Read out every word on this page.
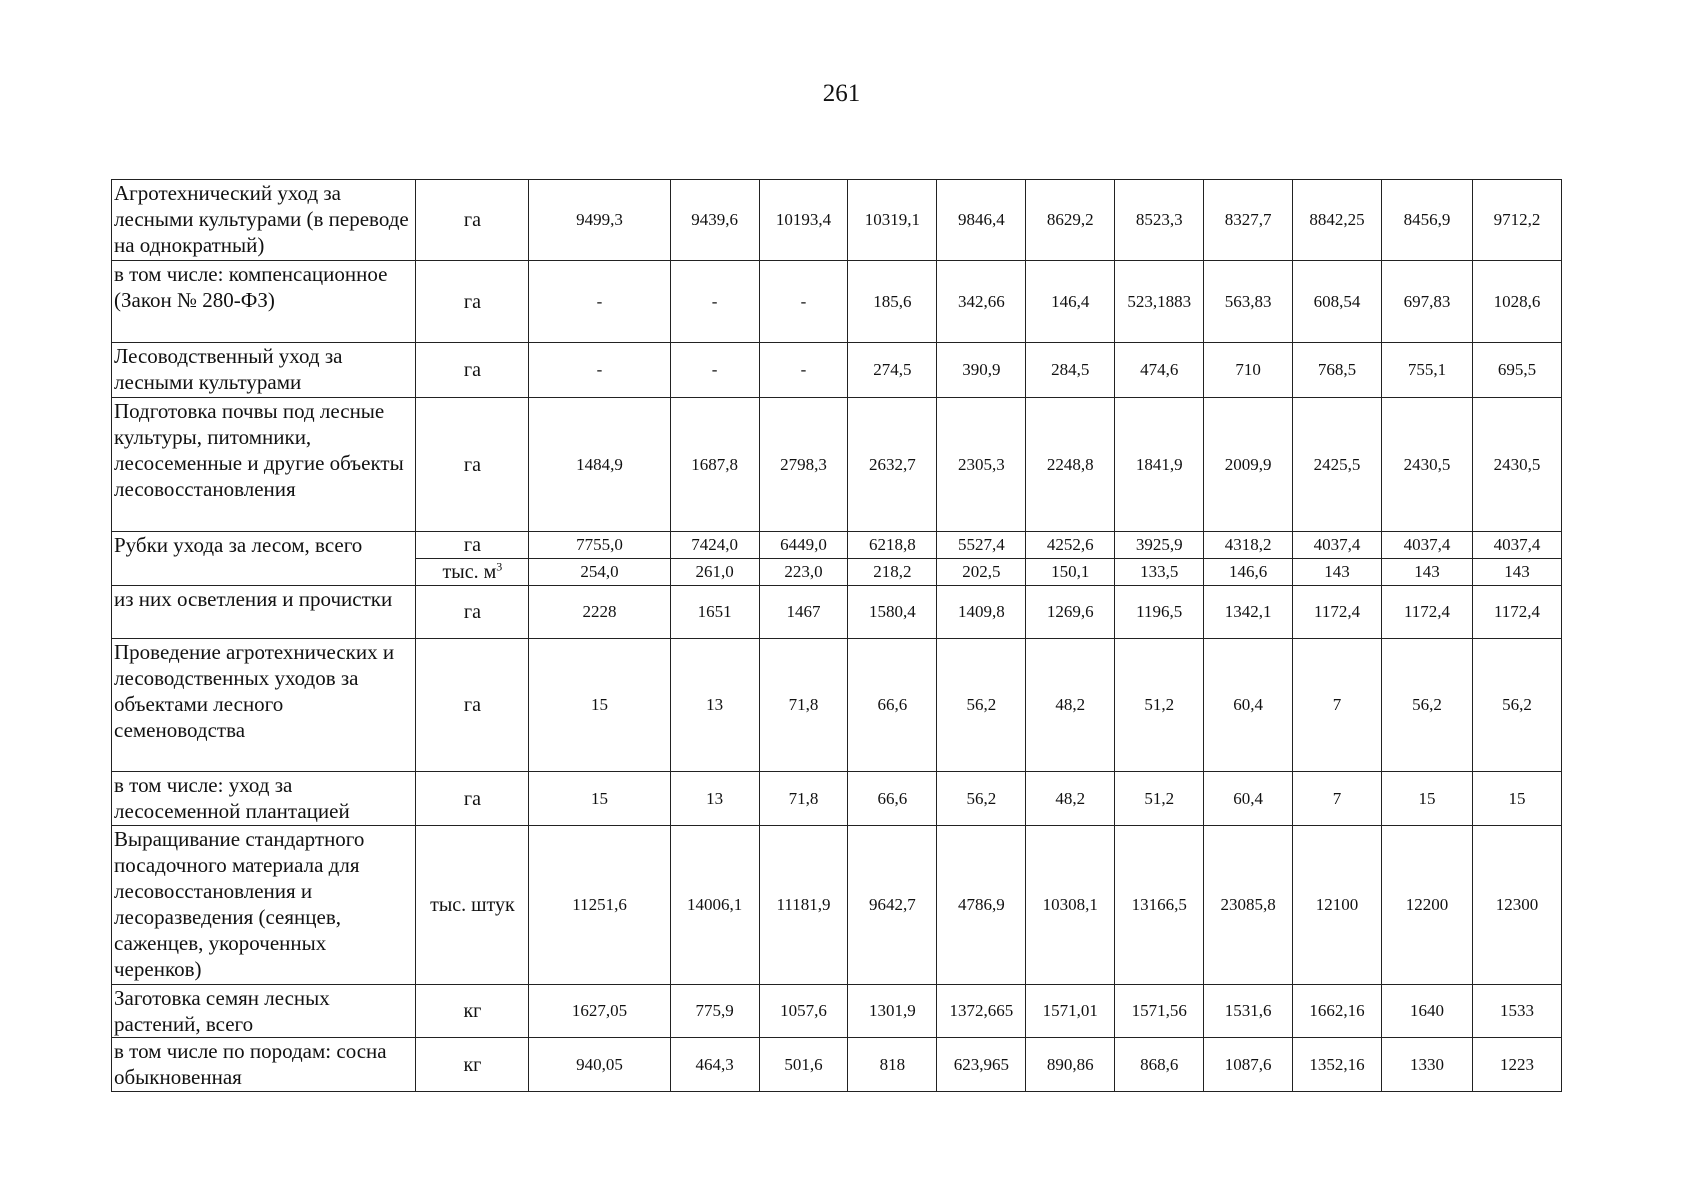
261
Агротехнический уход за лесными культурами (в переводе на однократный)	га	9499,3	9439,6	10193,4	10319,1	9846,4	8629,2	8523,3	8327,7	8842,25	8456,9	9712,2
в том числе: компенсационное (Закон № 280-ФЗ)	га	-	-	-	185,6	342,66	146,4	523,1883	563,83	608,54	697,83	1028,6
Лесоводственный уход за лесными культурами	га	-	-	-	274,5	390,9	284,5	474,6	710	768,5	755,1	695,5
Подготовка почвы под лесные культуры, питомники, лесосеменные и другие объекты лесовосстановления	га	1484,9	1687,8	2798,3	2632,7	2305,3	2248,8	1841,9	2009,9	2425,5	2430,5	2430,5
Рубки ухода за лесом, всего	га	7755,0	7424,0	6449,0	6218,8	5527,4	4252,6	3925,9	4318,2	4037,4	4037,4	4037,4
	тыс. $м^3$	254,0	261,0	223,0	218,2	202,5	150,1	133,5	146,6	143	143	143
из них осветления и прочистки	га	2228	1651	1467	1580,4	1409,8	1269,6	1196,5	1342,1	1172,4	1172,4	1172,4
Проведение агротехнических и лесоводственных уходов за объектами лесного семеноводства	га	15	13	71,8	66,6	56,2	48,2	51,2	60,4	7	56,2	56,2
в том числе: уход за лесосеменной плантацией	га	15	13	71,8	66,6	56,2	48,2	51,2	60,4	7	15	15
Выращивание стандартного посадочного материала для лесовосстановления и лесоразведения (сеянцев, саженцев, укороченных черенков)	тыс. штук	11251,6	14006,1	11181,9	9642,7	4786,9	10308,1	13166,5	23085,8	12100	12200	12300
Заготовка семян лесных растений, всего	кг	1627,05	775,9	1057,6	1301,9	1372,665	1571,01	1571,56	1531,6	1662,16	1640	1533
в том числе по породам: сосна обыкновенная	кг	940,05	464,3	501,6	818	623,965	890,86	868,6	1087,6	1352,16	1330	1223
